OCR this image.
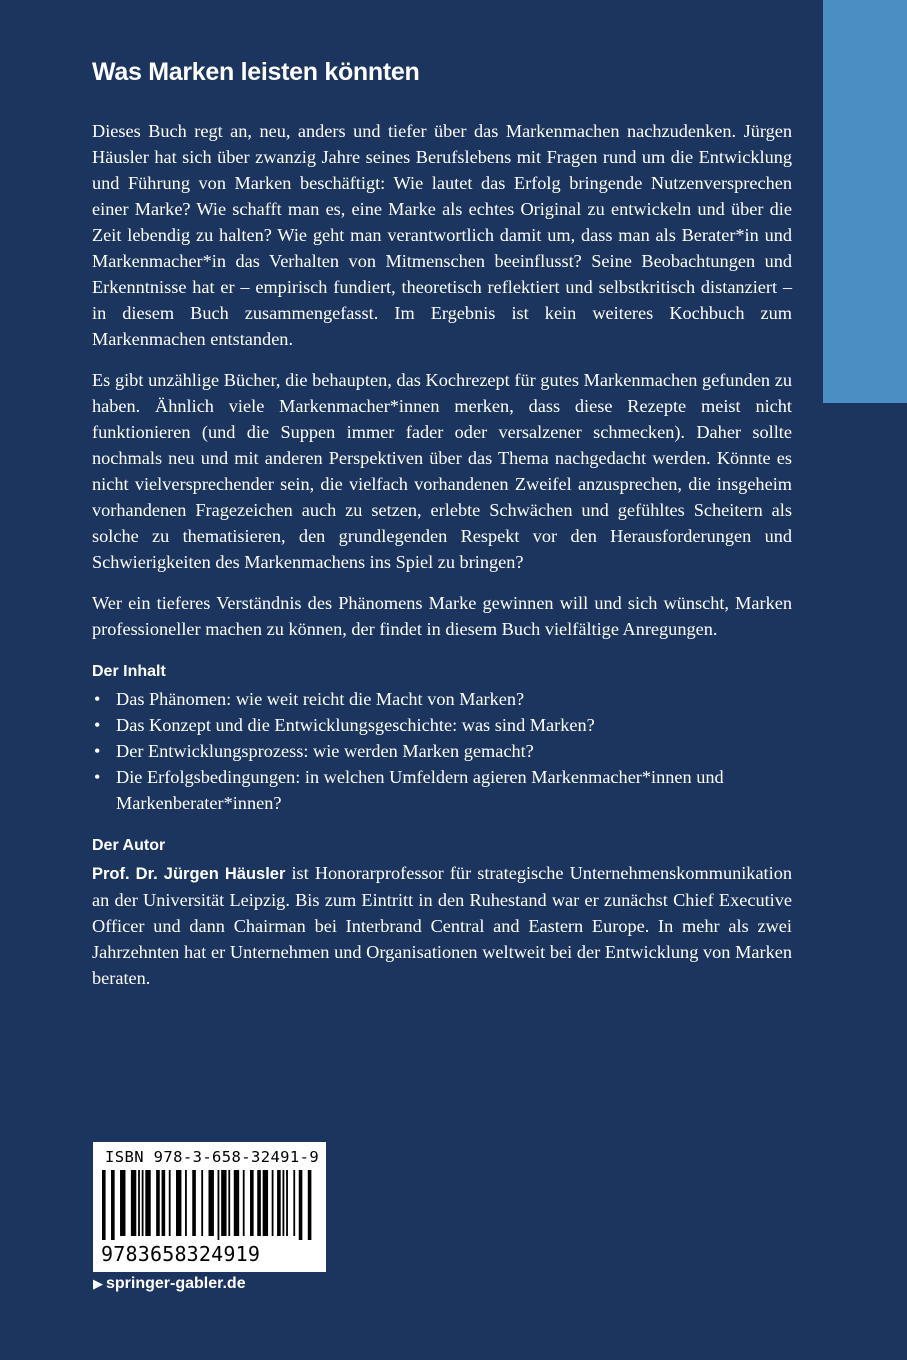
Was Marken leisten könnten

Dieses Buch regt an, neu, anders und tiefer über das Markenmachen nachzudenken. Jürgen Häusler hat sich über zwanzig Jahre seines Berufslebens mit Fragen rund um die Entwicklung und Führung von Marken beschäftigt: Wie lautet das Erfolg bringende Nutzenversprechen einer Marke? Wie schafft man es, eine Marke als echtes Original zu entwickeln und über die Zeit lebendig zu halten? Wie geht man verantwortlich damit um, dass man als Berater*in und Markenmacher*in das Verhalten von Mitmenschen beeinflusst? Seine Beobachtungen und Erkenntnisse hat er – empirisch fundiert, theoretisch reflektiert und selbstkritisch distanziert – in diesem Buch zusammengefasst. Im Ergebnis ist kein weiteres Kochbuch zum Markenmachen entstanden.

Es gibt unzählige Bücher, die behaupten, das Kochrezept für gutes Markenmachen gefunden zu haben. Ähnlich viele Markenmacher*innen merken, dass diese Rezepte meist nicht funktionieren (und die Suppen immer fader oder versalzener schmecken). Daher sollte nochmals neu und mit anderen Perspektiven über das Thema nachgedacht werden. Könnte es nicht vielversprechender sein, die vielfach vorhandenen Zweifel anzusprechen, die insgeheim vorhandenen Fragezeichen auch zu setzen, erlebte Schwächen und gefühltes Scheitern als solche zu thematisieren, den grundlegenden Respekt vor den Herausforderungen und Schwierigkeiten des Markenmachens ins Spiel zu bringen?

Wer ein tieferes Verständnis des Phänomens Marke gewinnen will und sich wünscht, Marken professioneller machen zu können, der findet in diesem Buch vielfältige Anregungen.

Der Inhalt
• Das Phänomen: wie weit reicht die Macht von Marken?
• Das Konzept und die Entwicklungsgeschichte: was sind Marken?
• Der Entwicklungsprozess: wie werden Marken gemacht?
• Die Erfolgsbedingungen: in welchen Umfeldern agieren Markenmacher*innen und Markenberater*innen?
Der Autor

Prof. Dr. Jürgen Häusler ist Honorarprofessor für strategische Unternehmenskommunikation an der Universität Leipzig. Bis zum Eintritt in den Ruhestand war er zunächst Chief Executive Officer und dann Chairman bei Interbrand Central and Eastern Europe. In mehr als zwei Jahrzehnten hat er Unternehmen und Organisationen weltweit bei der Entwicklung von Marken beraten.

ISBN 978-3-658-32491-9
9783658324919
▶ springer-gabler.de
